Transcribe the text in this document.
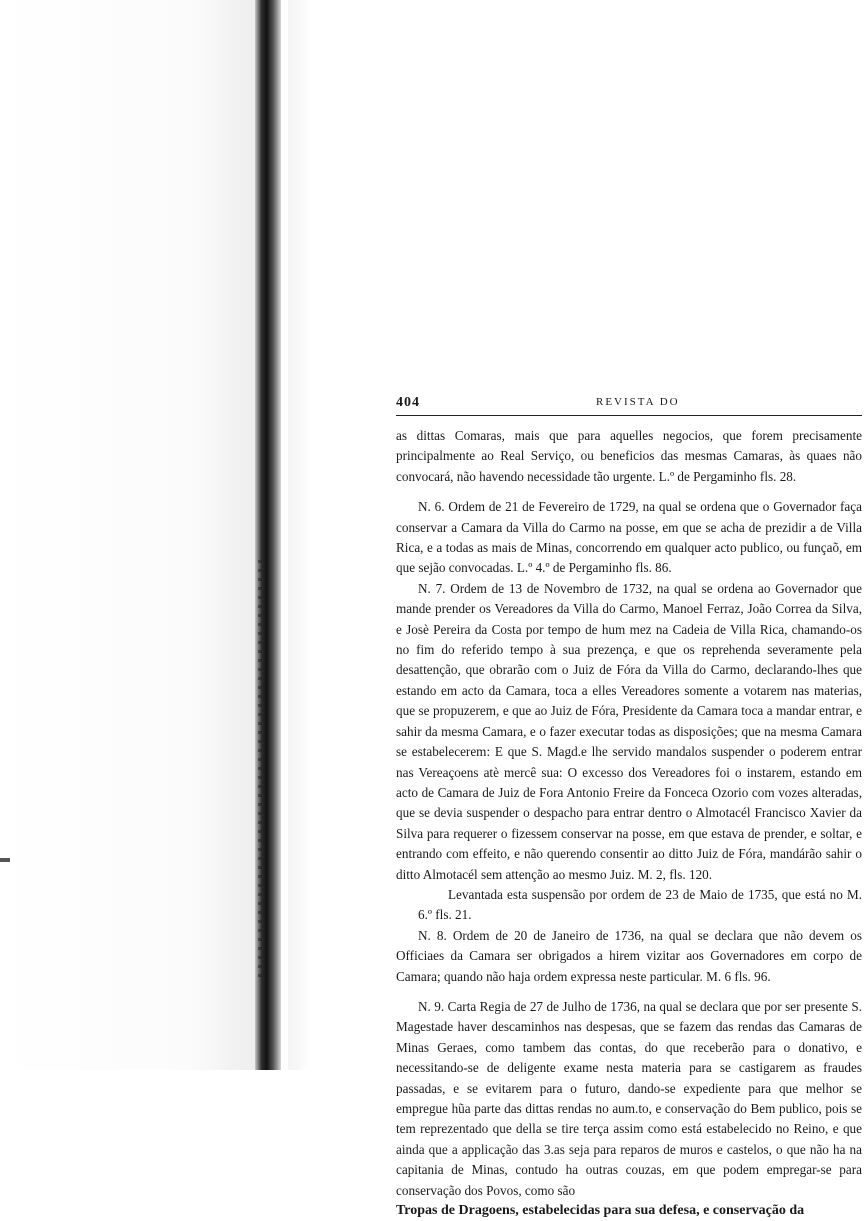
404	REVISTA DO

as dittas Comaras, mais que para aquelles negocios, que forem precisamente principalmente ao Real Serviço, ou beneficios das mesmas Camaras, às quaes não convocará, não havendo necessidade tão urgente. L.º de Pergaminho fls. 28.

N. 6. Ordem de 21 de Fevereiro de 1729, na qual se ordena que o Governador faça conservar a Camara da Villa do Carmo na posse, em que se acha de prezidir a de Villa Rica, e a todas as mais de Minas, concorrendo em qualquer acto publico, ou funçaõ, em que sejão convocadas. L.º 4.º de Pergaminho fls. 86.

N. 7. Ordem de 13 de Novembro de 1732, na qual se ordena ao Governador que mande prender os Vereadores da Villa do Carmo, Manoel Ferraz, João Correa da Silva, e Josè Pereira da Costa por tempo de hum mez na Cadeia de Villa Rica, chamando-os no fim do referido tempo à sua prezença, e que os reprehenda severamente pela desattenção, que obrarão com o Juiz de Fóra da Villa do Carmo, declarando-lhes que estando em acto da Camara, toca a elles Vereadores somente a votarem nas materias, que se propuzerem, e que ao Juiz de Fóra, Presidente da Camara toca a mandar entrar, e sahir da mesma Camara, e o fazer executar todas as disposições; que na mesma Camara se estabelecerem: E que S. Magd.e lhe servido mandalos suspender o poderem entrar nas Vereaçoens atè mercê sua: O excesso dos Vereadores foi o instarem, estando em acto de Camara de Juiz de Fora Antonio Freire da Fonceca Ozorio com vozes alteradas, que se devia suspender o despacho para entrar dentro o Almotacél Francisco Xavier da Silva para requerer o fizessem conservar na posse, em que estava de prender, e soltar, e entrando com effeito, e não querendo consentir ao ditto Juiz de Fóra, mandárão sahir o ditto Almotacél sem attenção ao mesmo Juiz. M. 2, fls. 120.

Levantada esta suspensão por ordem de 23 de Maio de 1735, que está no M. 6.º fls. 21.

N. 8. Ordem de 20 de Janeiro de 1736, na qual se declara que não devem os Officiaes da Camara ser obrigados a hirem vizitar aos Governadores em corpo de Camara; quando não haja ordem expressa neste particular. M. 6 fls. 96.

N. 9. Carta Regia de 27 de Julho de 1736, na qual se declara que por ser presente S. Magestade haver descaminhos nas despesas, que se fazem das rendas das Camaras de Minas Geraes, como tambem das contas, do que receberão para o donativo, e necessitando-se de deligente exame nesta materia para se castigarem as fraudes passadas, e se evitarem para o futuro, dando-se expediente para que melhor se empregue hũa parte das dittas rendas no aum.to, e conservação do Bem publico, pois se tem reprezentado que della se tire terça assim como está estabelecido no Reino, e que ainda que a applicação das 3.as seja para reparos de muros e castelos, o que não ha na capitania de Minas, contudo ha outras couzas, em que podem empregar-se para conservação dos Povos, como são

Tropas de Dragoens, estabelecidas para sua defesa, e conservação da
